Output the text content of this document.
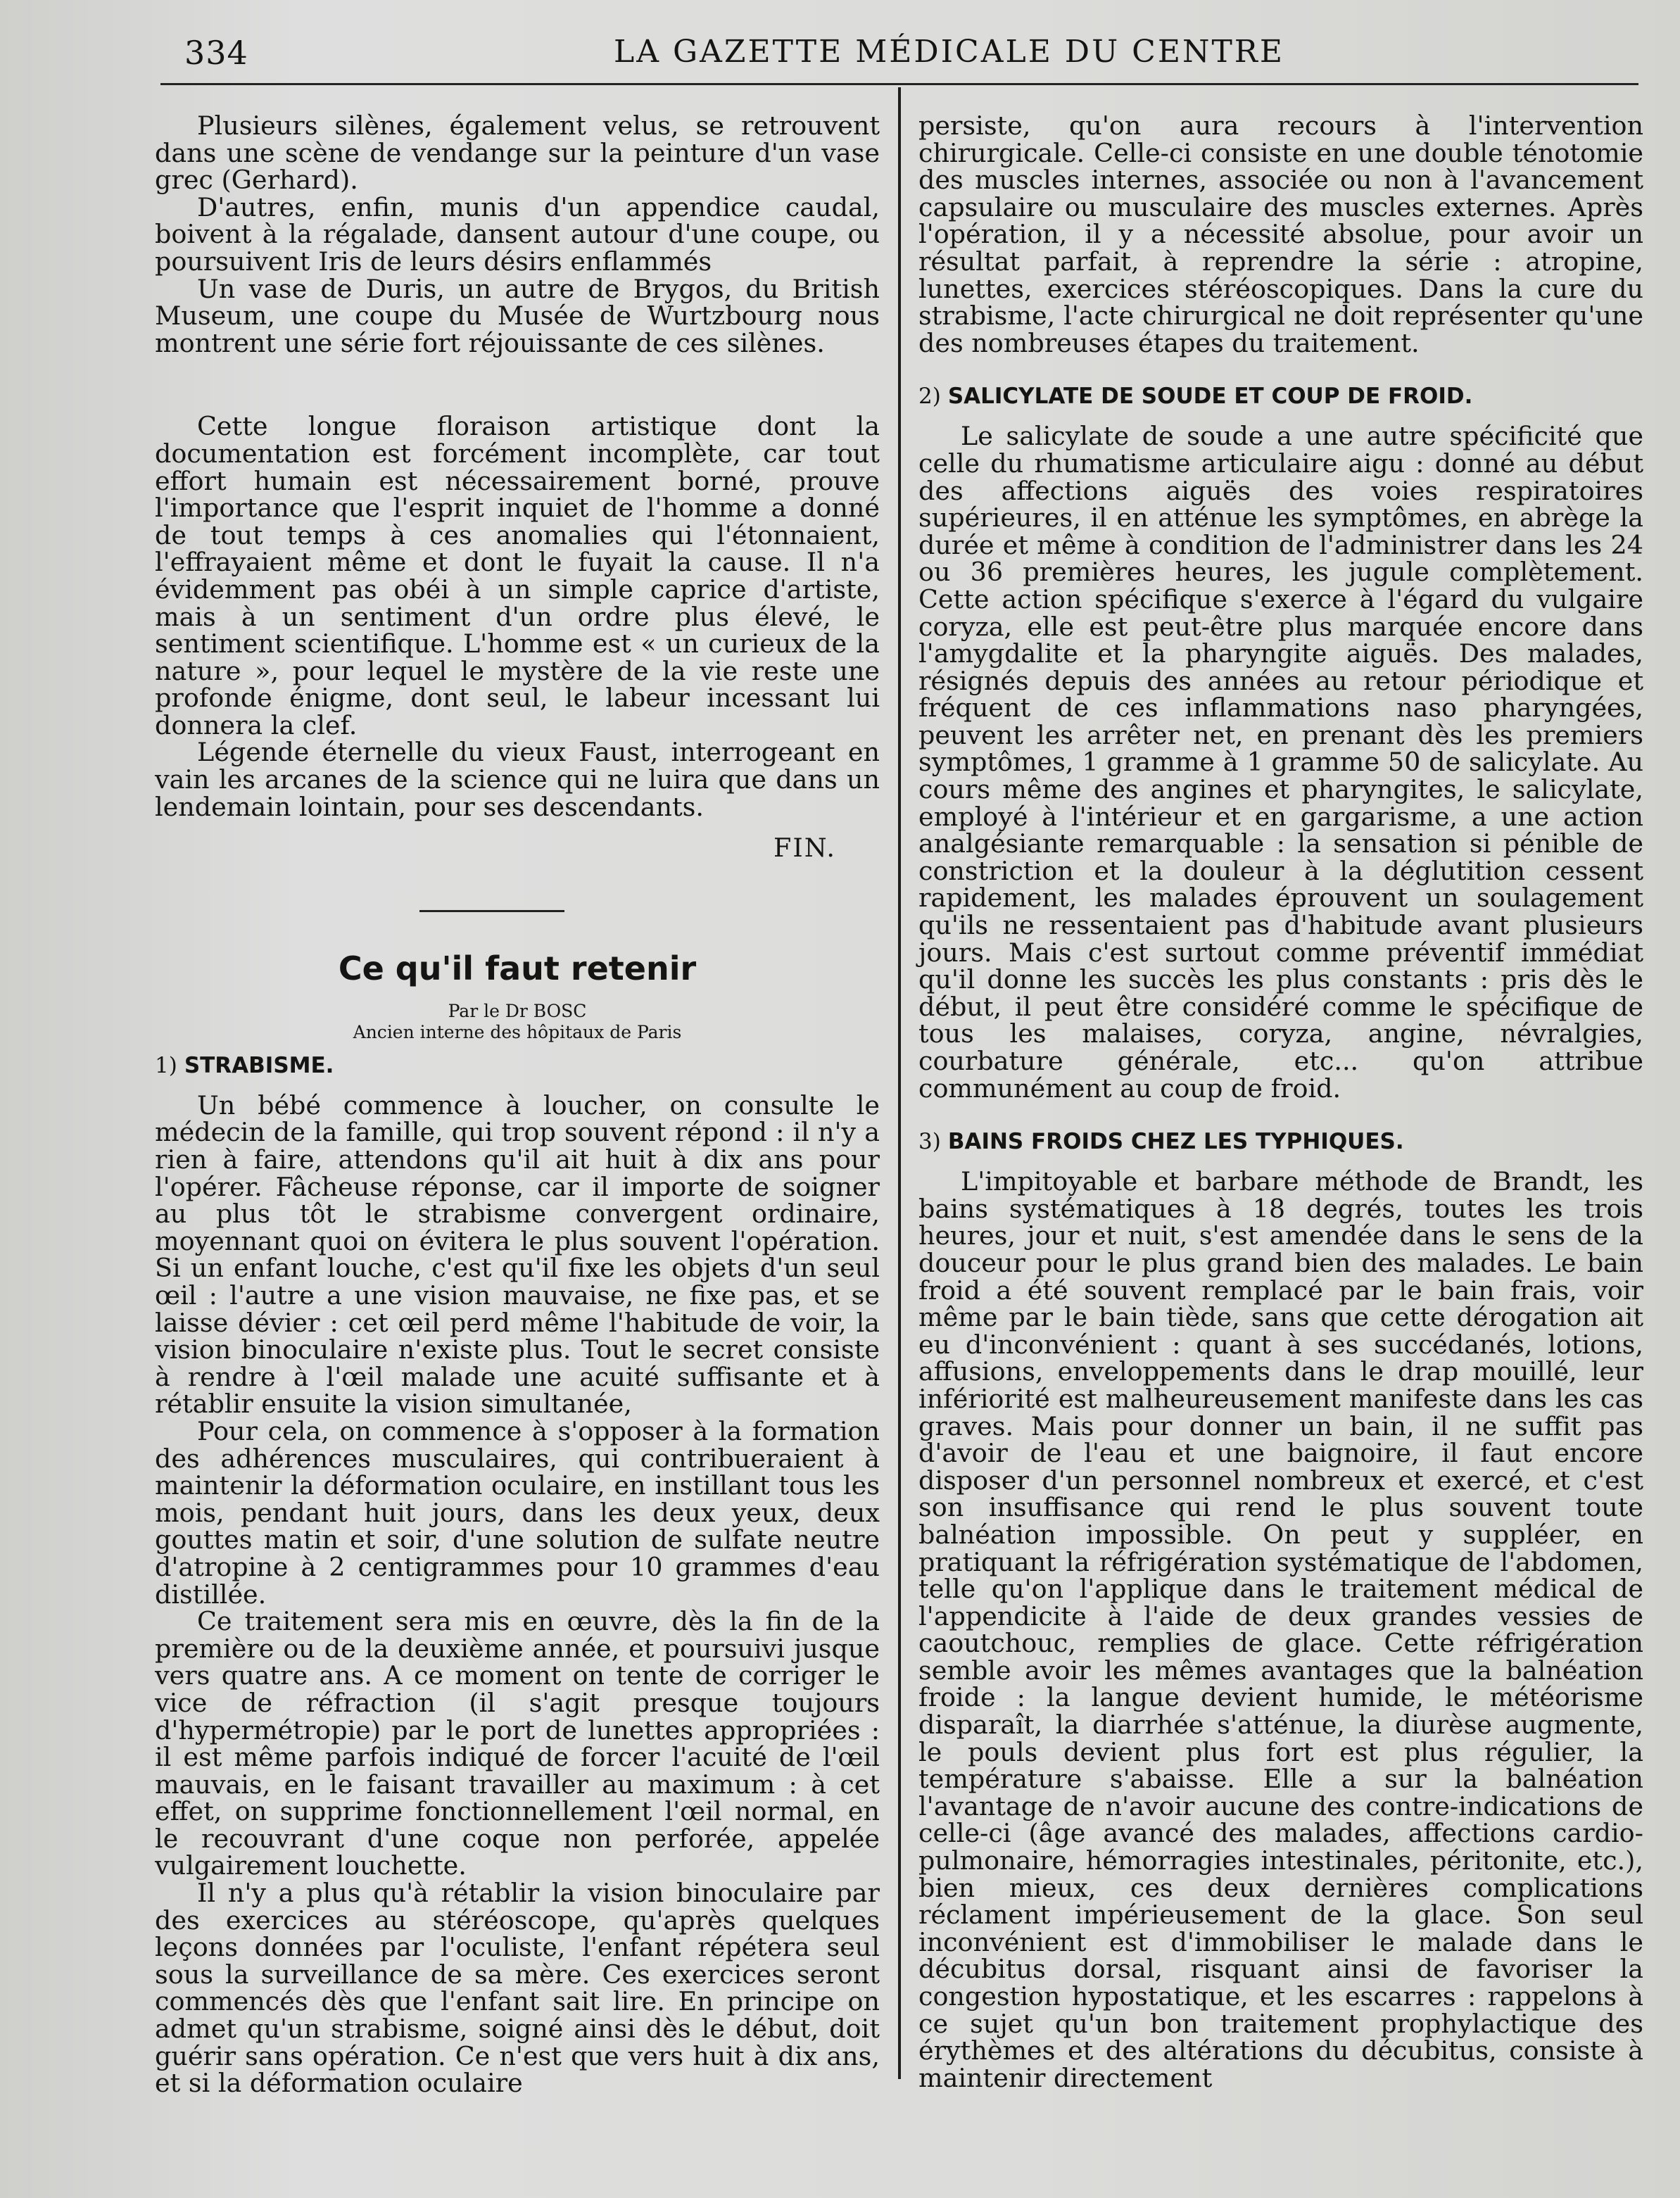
334	LA GAZETTE MÉDICALE DU CENTRE

Plusieurs silènes, également velus, se retrouvent dans une scène de vendange sur la peinture d'un vase grec (Gerhard).

D'autres, enfin, munis d'un appendice caudal, boivent à la régalade, dansent autour d'une coupe, ou poursuivent Iris de leurs désirs enflammés

Un vase de Duris, un autre de Brygos, du British Museum, une coupe du Musée de Wurtzbourg nous montrent une série fort réjouissante de ces silènes.

Cette longue floraison artistique dont la documentation est forcément incomplète, car tout effort humain est nécessairement borné, prouve l'importance que l'esprit inquiet de l'homme a donné de tout temps à ces anomalies qui l'étonnaient, l'effrayaient même et dont le fuyait la cause. Il n'a évidemment pas obéi à un simple caprice d'artiste, mais à un sentiment d'un ordre plus élevé, le sentiment scientifique. L'homme est « un curieux de la nature », pour lequel le mystère de la vie reste une profonde énigme, dont seul, le labeur incessant lui donnera la clef.

Légende éternelle du vieux Faust, interrogeant en vain les arcanes de la science qui ne luira que dans un lendemain lointain, pour ses descendants.

FIN.
Ce qu'il faut retenir
Par le Dr BOSC
Ancien interne des hôpitaux de Paris
1) STRABISME.

Un bébé commence à loucher, on consulte le médecin de la famille, qui trop souvent répond : il n'y a rien à faire, attendons qu'il ait huit à dix ans pour l'opérer. Fâcheuse réponse, car il importe de soigner au plus tôt le strabisme convergent ordinaire, moyennant quoi on évitera le plus souvent l'opération. Si un enfant louche, c'est qu'il fixe les objets d'un seul œil : l'autre a une vision mauvaise, ne fixe pas, et se laisse dévier : cet œil perd même l'habitude de voir, la vision binoculaire n'existe plus. Tout le secret consiste à rendre à l'œil malade une acuité suffisante et à rétablir ensuite la vision simultanée,

Pour cela, on commence à s'opposer à la formation des adhérences musculaires, qui contribueraient à maintenir la déformation oculaire, en instillant tous les mois, pendant huit jours, dans les deux yeux, deux gouttes matin et soir, d'une solution de sulfate neutre d'atropine à 2 centigrammes pour 10 grammes d'eau distillée.

Ce traitement sera mis en œuvre, dès la fin de la première ou de la deuxième année, et poursuivi jusque vers quatre ans. A ce moment on tente de corriger le vice de réfraction (il s'agit presque toujours d'hypermétropie) par le port de lunettes appropriées : il est même parfois indiqué de forcer l'acuité de l'œil mauvais, en le faisant travailler au maximum : à cet effet, on supprime fonctionnellement l'œil normal, en le recouvrant d'une coque non perforée, appelée vulgairement louchette.

Il n'y a plus qu'à rétablir la vision binoculaire par des exercices au stéréoscope, qu'après quelques leçons données par l'oculiste, l'enfant répétera seul sous la surveillance de sa mère. Ces exercices seront commencés dès que l'enfant sait lire. En principe on admet qu'un strabisme, soigné ainsi dès le début, doit guérir sans opération. Ce n'est que vers huit à dix ans, et si la déformation oculaire

persiste, qu'on aura recours à l'intervention chirurgicale. Celle-ci consiste en une double ténotomie des muscles internes, associée ou non à l'avancement capsulaire ou musculaire des muscles externes. Après l'opération, il y a nécessité absolue, pour avoir un résultat parfait, à reprendre la série : atropine, lunettes, exercices stéréoscopiques. Dans la cure du strabisme, l'acte chirurgical ne doit représenter qu'une des nombreuses étapes du traitement.

2) SALICYLATE DE SOUDE ET COUP DE FROID.

Le salicylate de soude a une autre spécificité que celle du rhumatisme articulaire aigu : donné au début des affections aiguës des voies respiratoires supérieures, il en atténue les symptômes, en abrège la durée et même à condition de l'administrer dans les 24 ou 36 premières heures, les jugule complètement. Cette action spécifique s'exerce à l'égard du vulgaire coryza, elle est peut-être plus marquée encore dans l'amygdalite et la pharyngite aiguës. Des malades, résignés depuis des années au retour périodique et fréquent de ces inflammations naso pharyngées, peuvent les arrêter net, en prenant dès les premiers symptômes, 1 gramme à 1 gramme 50 de salicylate. Au cours même des angines et pharyngites, le salicylate, employé à l'intérieur et en gargarisme, a une action analgésiante remarquable : la sensation si pénible de constriction et la douleur à la déglutition cessent rapidement, les malades éprouvent un soulagement qu'ils ne ressentaient pas d'habitude avant plusieurs jours. Mais c'est surtout comme préventif immédiat qu'il donne les succès les plus constants : pris dès le début, il peut être considéré comme le spécifique de tous les malaises, coryza, angine, névralgies, courbature générale, etc... qu'on attribue communément au coup de froid.

3) BAINS FROIDS CHEZ LES TYPHIQUES.

L'impitoyable et barbare méthode de Brandt, les bains systématiques à 18 degrés, toutes les trois heures, jour et nuit, s'est amendée dans le sens de la douceur pour le plus grand bien des malades. Le bain froid a été souvent remplacé par le bain frais, voir même par le bain tiède, sans que cette dérogation ait eu d'inconvénient : quant à ses succédanés, lotions, affusions, enveloppements dans le drap mouillé, leur infériorité est malheureusement manifeste dans les cas graves. Mais pour donner un bain, il ne suffit pas d'avoir de l'eau et une baignoire, il faut encore disposer d'un personnel nombreux et exercé, et c'est son insuffisance qui rend le plus souvent toute balnéation impossible. On peut y suppléer, en pratiquant la réfrigération systématique de l'abdomen, telle qu'on l'applique dans le traitement médical de l'appendicite à l'aide de deux grandes vessies de caoutchouc, remplies de glace. Cette réfrigération semble avoir les mêmes avantages que la balnéation froide : la langue devient humide, le météorisme disparaît, la diarrhée s'atténue, la diurèse augmente, le pouls devient plus fort est plus régulier, la température s'abaisse. Elle a sur la balnéation l'avantage de n'avoir aucune des contre-indications de celle-ci (âge avancé des malades, affections cardio-pulmonaire, hémorragies intestinales, péritonite, etc.), bien mieux, ces deux dernières complications réclament impérieusement de la glace. Son seul inconvénient est d'immobiliser le malade dans le décubitus dorsal, risquant ainsi de favoriser la congestion hypostatique, et les escarres : rappelons à ce sujet qu'un bon traitement prophylactique des érythèmes et des altérations du décubitus, consiste à maintenir directement
